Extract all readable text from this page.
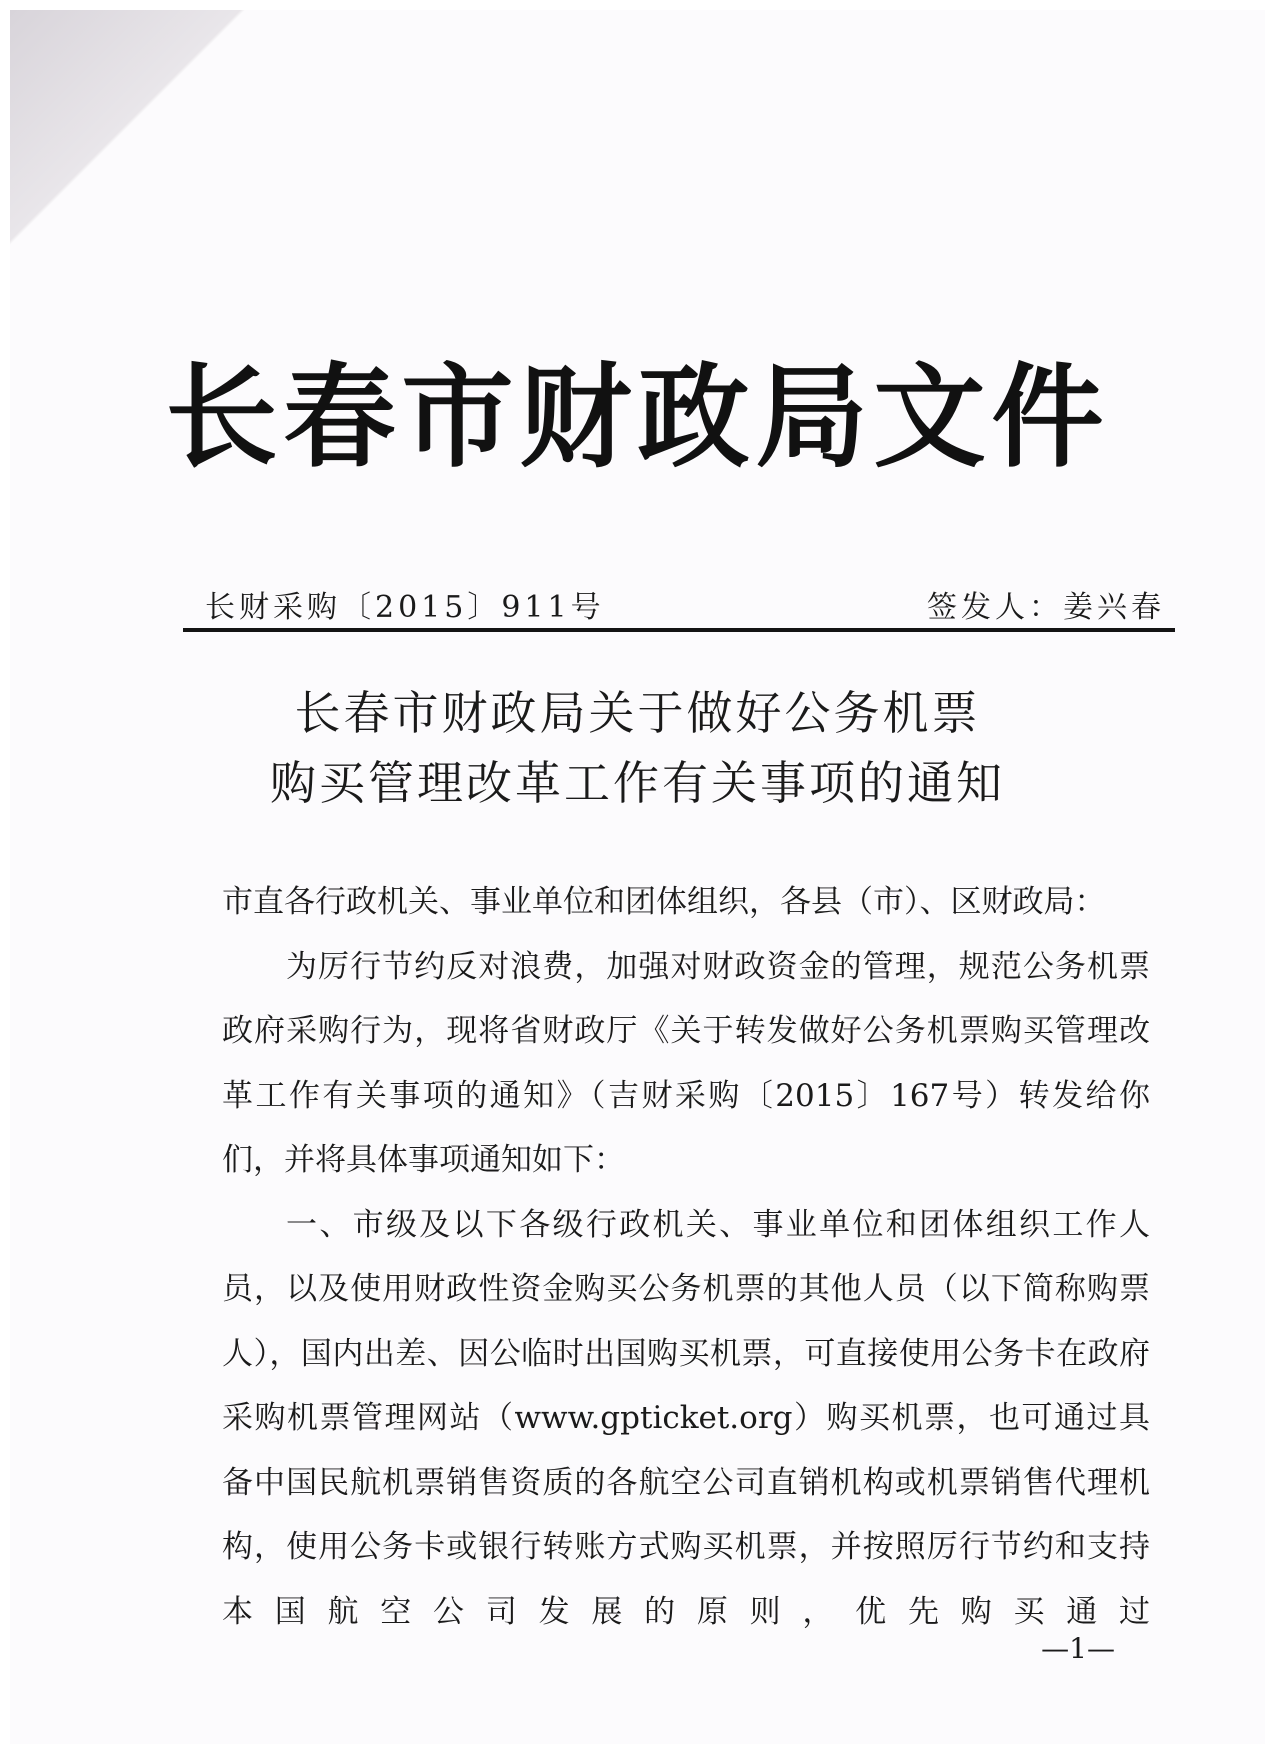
长春市财政局文件
长财采购〔2015〕911号	签发人：姜兴春
长春市财政局关于做好公务机票
购买管理改革工作有关事项的通知

市直各行政机关、事业单位和团体组织，各县（市）、区财政局：

为厉行节约反对浪费，加强对财政资金的管理，规范公务机票政府采购行为，现将省财政厅《关于转发做好公务机票购买管理改革工作有关事项的通知》（吉财采购〔2015〕167号）转发给你们，并将具体事项通知如下：

一、市级及以下各级行政机关、事业单位和团体组织工作人员，以及使用财政性资金购买公务机票的其他人员（以下简称购票人），国内出差、因公临时出国购买机票，可直接使用公务卡在政府采购机票管理网站（www.gpticket.org）购买机票，也可通过具备中国民航机票销售资质的各航空公司直销机构或机票销售代理机构，使用公务卡或银行转账方式购买机票，并按照厉行节约和支持本国航空公司发展的原则，优先购买通过

—1—
